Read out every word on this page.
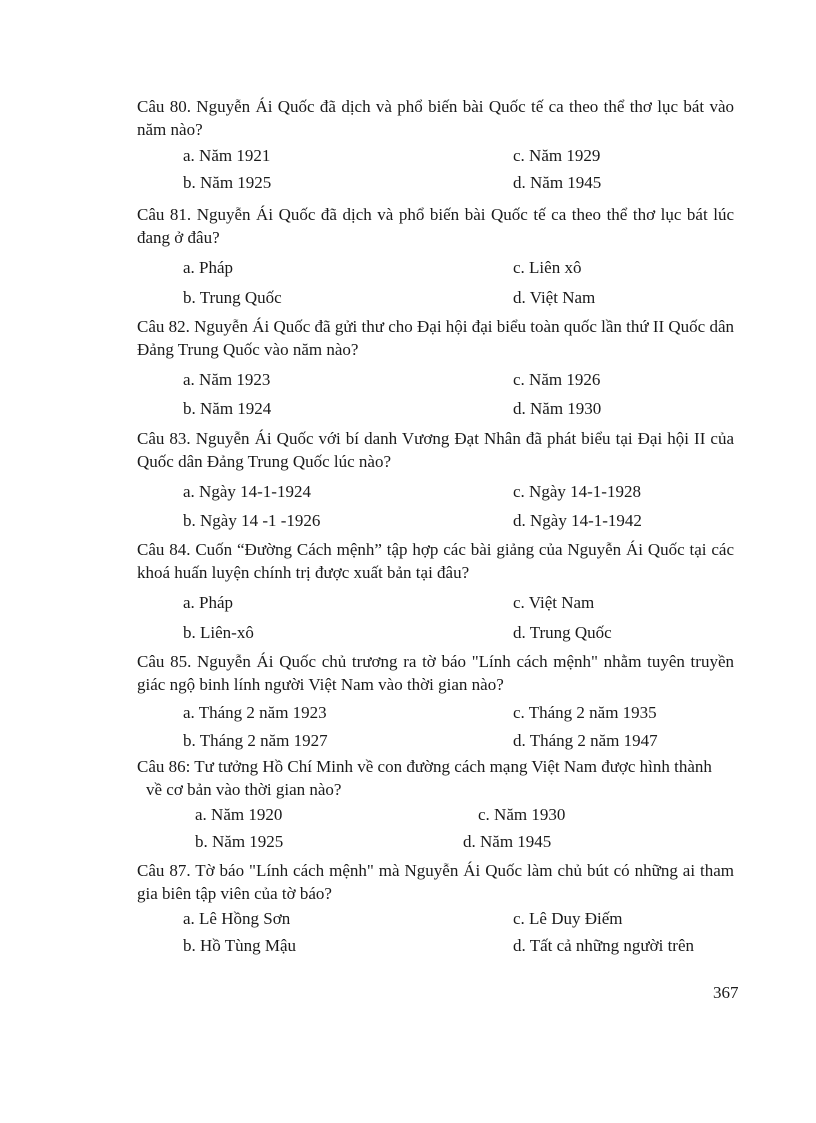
Câu 80. Nguyễn Ái Quốc đã dịch và phổ biến bài Quốc tế ca theo thể thơ lục bát vào năm nào?
a. Năm 1921	c. Năm 1929
b. Năm 1925	d. Năm 1945
Câu 81. Nguyễn Ái Quốc đã dịch và phổ biến bài Quốc tế ca theo thể thơ lục bát lúc đang ở đâu?
a. Pháp	c. Liên xô
b. Trung Quốc	d. Việt Nam
Câu 82. Nguyễn Ái Quốc đã gửi thư cho Đại hội đại biểu toàn quốc lần thứ II Quốc dân Đảng Trung Quốc vào năm nào?
a. Năm 1923	c. Năm 1926
b. Năm 1924	d. Năm 1930
Câu 83. Nguyễn Ái Quốc với bí danh Vương Đạt Nhân đã phát biểu tại Đại hội II của Quốc dân Đảng Trung Quốc lúc nào?
a. Ngày 14-1-1924	c. Ngày 14-1-1928
b. Ngày 14 -1 -1926	d. Ngày 14-1-1942
Câu 84. Cuốn “Đường Cách mệnh” tập hợp các bài giảng của Nguyễn Ái Quốc tại các khoá huấn luyện chính trị được xuất bản tại đâu?
a. Pháp	c. Việt Nam
b. Liên-xô	d. Trung Quốc
Câu 85. Nguyễn Ái Quốc chủ trương ra tờ báo "Lính cách mệnh" nhằm tuyên truyền giác ngộ binh lính người Việt Nam vào thời gian nào?
a. Tháng 2 năm 1923	c. Tháng 2 năm 1935
b. Tháng 2 năm 1927	d. Tháng 2 năm 1947
Câu 86: Tư tưởng Hồ Chí Minh về con đường cách mạng Việt Nam được hình thành
về cơ bản vào thời gian nào?
a. Năm 1920	c. Năm 1930
b. Năm 1925	d. Năm 1945
Câu 87. Tờ báo "Lính cách mệnh" mà Nguyễn Ái Quốc làm chủ bút có những ai tham gia biên tập viên của tờ báo?
a. Lê Hồng Sơn	c. Lê Duy Điếm
b. Hồ Tùng Mậu	d. Tất cả những người trên
367
